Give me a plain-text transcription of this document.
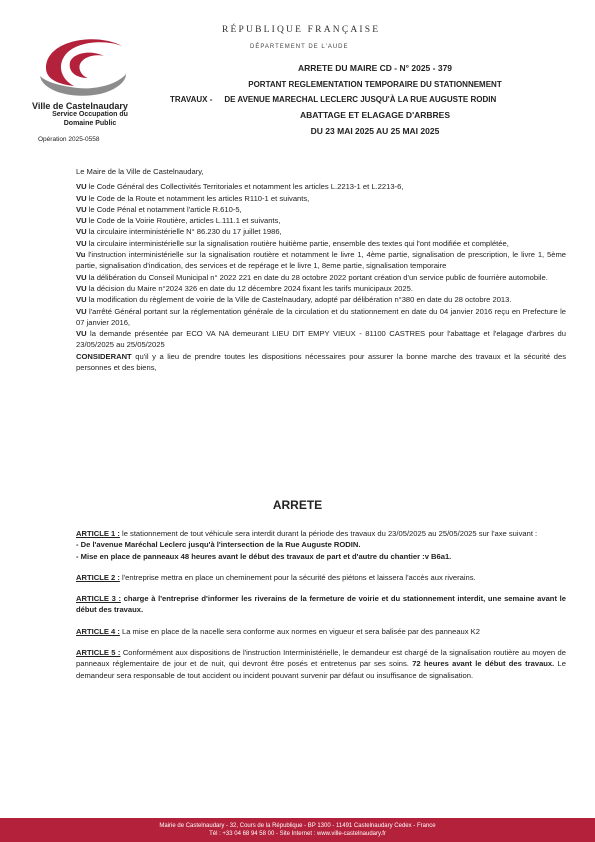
RÉPUBLIQUE FRANÇAISE
DÉPARTEMENT DE L'AUDE
Ville de Castelnaudary
Service Occupation du Domaine Public
Opération 2025-0558
ARRETE DU MAIRE CD - N° 2025 - 379
PORTANT REGLEMENTATION TEMPORAIRE DU STATIONNEMENT
TRAVAUX - DE AVENUE MARECHAL LECLERC JUSQU'À LA RUE AUGUSTE RODIN
ABATTAGE ET ELAGAGE D'ARBRES
DU 23 MAI 2025 AU 25 MAI 2025

Le Maire de la Ville de Castelnaudary,

VU le Code Général des Collectivités Territoriales et notamment les articles L.2213-1 et L.2213-6,

VU le Code de la Route et notamment les articles R110-1 et suivants,

VU le Code Pénal et notamment l'article R.610-5,

VU le Code de la Voirie Routière, articles L.111.1 et suivants,

VU la circulaire interministérielle N° 86.230 du 17 juillet 1986,

VU la circulaire interministérielle sur la signalisation routière huitième partie, ensemble des textes qui l'ont modifiée et complétée,

Vu l'instruction interministérielle sur la signalisation routière et notamment le livre 1, 4ème partie, signalisation de prescription, le livre 1, 5ème partie, signalisation d'indication, des services et de repérage et le livre 1, 8eme partie, signalisation temporaire

VU la délibération du Conseil Municipal n° 2022 221 en date du 28 octobre 2022 portant création d'un service public de fourrière automobile.

VU la décision du Maire n°2024 326 en date du 12 décembre 2024 fixant les tarifs municipaux 2025.

VU la modification du règlement de voirie de la Ville de Castelnaudary, adopté par délibération n°380 en date du 28 octobre 2013.

VU l'arrêté Général portant sur la réglementation générale de la circulation et du stationnement en date du 04 janvier 2016 reçu en Prefecture le 07 janvier 2016,

VU la demande présentée par ECO VA NA demeurant LIEU DIT EMPY VIEUX - 81100 CASTRES pour l'abattage et l'elagage d'arbres du 23/05/2025 au 25/05/2025

CONSIDERANT qu'il y a lieu de prendre toutes les dispositions nécessaires pour assurer la bonne marche des travaux et la sécurité des personnes et des biens,

ARRETE

ARTICLE 1 : le stationnement de tout véhicule sera interdit durant la période des travaux du 23/05/2025 au 25/05/2025 sur l'axe suivant :

- De l'avenue Maréchal Leclerc jusqu'à l'intersection de la Rue Auguste RODIN.

- Mise en place de panneaux 48 heures avant le début des travaux de part et d'autre du chantier :v B6a1.

ARTICLE 2 : l'entreprise mettra en place un cheminement pour la sécurité des piétons et laissera l'accès aux riverains.

ARTICLE 3 : charge à l'entreprise d'informer les riverains de la fermeture de voirie et du stationnement interdit, une semaine avant le début des travaux.

ARTICLE 4 : La mise en place de la nacelle sera conforme aux normes en vigueur et sera balisée par des panneaux K2

ARTICLE 5 : Conformément aux dispositions de l'instruction Interministérielle, le demandeur est chargé de la signalisation routière au moyen de panneaux réglementaire de jour et de nuit, qui devront être posés et entretenus par ses soins. 72 heures avant le début des travaux. Le demandeur sera responsable de tout accident ou incident pouvant survenir par défaut ou insuffisance de signalisation.

Mairie de Castelnaudary - 32, Cours de la République - BP 1300 - 11491 Castelnaudary Cedex - France
Tél : +33 04 68 94 58 00 - Site Internet : www.ville-castelnaudary.fr
